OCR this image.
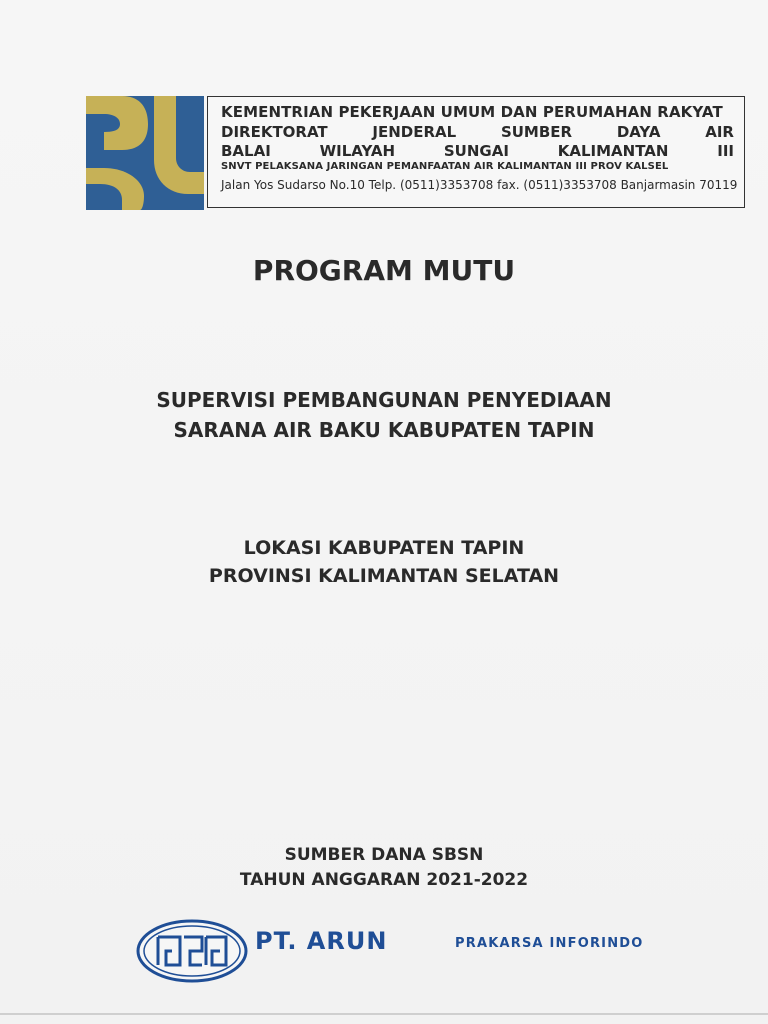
KEMENTRIAN PEKERJAAN UMUM DAN PERUMAHAN RAKYAT
DIREKTORAT	JENDERAL	SUMBER	DAYA	AIR
BALAI	WILAYAH	SUNGAI	KALIMANTAN	III
SNVT PELAKSANA JARINGAN PEMANFAATAN AIR KALIMANTAN III PROV KALSEL
Jalan Yos Sudarso No.10 Telp. (0511)3353708 fax. (0511)3353708 Banjarmasin 70119
PROGRAM MUTU
SUPERVISI PEMBANGUNAN PENYEDIAAN
SARANA AIR BAKU KABUPATEN TAPIN
LOKASI KABUPATEN TAPIN
PROVINSI KALIMANTAN SELATAN
SUMBER DANA SBSN
TAHUN ANGGARAN 2021-2022
PT. ARUN	PRAKARSA INFORINDO
